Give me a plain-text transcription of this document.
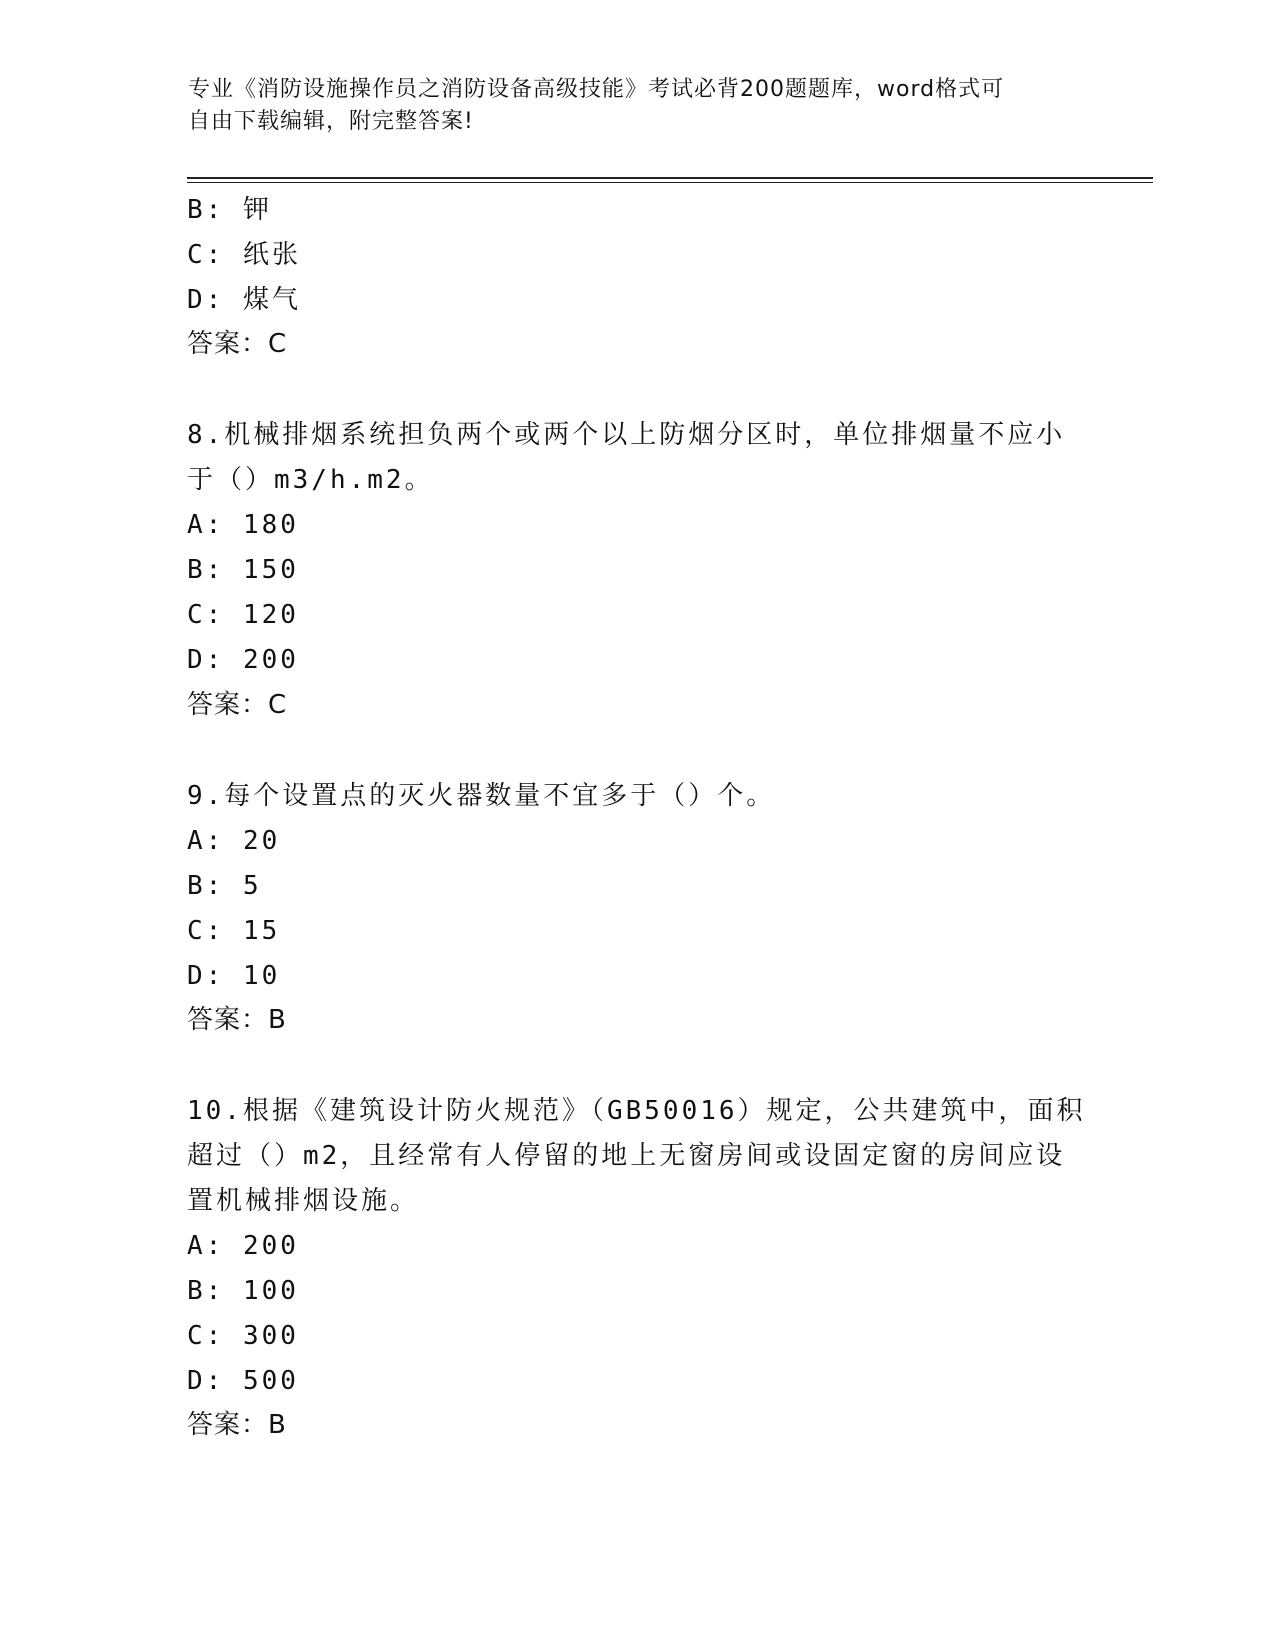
专业《消防设施操作员之消防设备高级技能》考试必背200题题库，word格式可
自由下载编辑，附完整答案!
B: 钾
C: 纸张
D: 煤气
答案：C
8.机械排烟系统担负两个或两个以上防烟分区时，单位排烟量不应小
于（）m3/h.m2。
A: 180
B: 150
C: 120
D: 200
答案：C
9.每个设置点的灭火器数量不宜多于（）个。
A: 20
B: 5
C: 15
D: 10
答案：B
10.根据《建筑设计防火规范》（GB50016）规定，公共建筑中，面积
超过（）m2，且经常有人停留的地上无窗房间或设固定窗的房间应设
置机械排烟设施。
A: 200
B: 100
C: 300
D: 500
答案：B
